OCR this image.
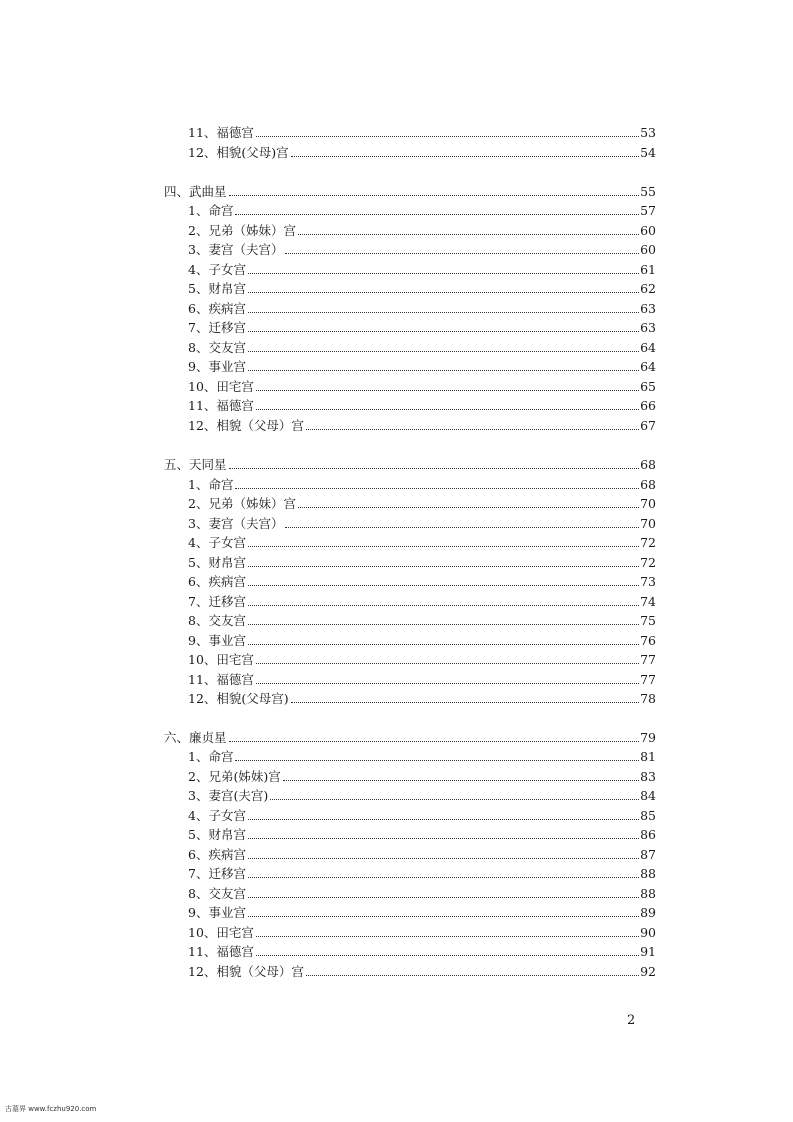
11、福德宫	53
12、相貌(父母)宫	54
四、武曲星	55
1、命宫	57
2、兄弟（姊妹）宫	60
3、妻宫（夫宫）	60
4、子女宫	61
5、财帛宫	62
6、疾病宫	63
7、迁移宫	63
8、交友宫	64
9、事业宫	64
10、田宅宫	65
11、福德宫	66
12、相貌（父母）宫	67
五、天同星	68
1、命宫	68
2、兄弟（姊妹）宫	70
3、妻宫（夫宫）	70
4、子女宫	72
5、财帛宫	72
6、疾病宫	73
7、迁移宫	74
8、交友宫	75
9、事业宫	76
10、田宅宫	77
11、福德宫	77
12、相貌(父母宫)	78
六、廉贞星	79
1、命宫	81
2、兄弟(姊妹)宫	83
3、妻宫(夫宫)	84
4、子女宫	85
5、财帛宫	86
6、疾病宫	87
7、迁移宫	88
8、交友宫	88
9、事业宫	89
10、田宅宫	90
11、福德宫	91
12、相貌（父母）宫	92
2
古墓界 www.fczhu920.com
